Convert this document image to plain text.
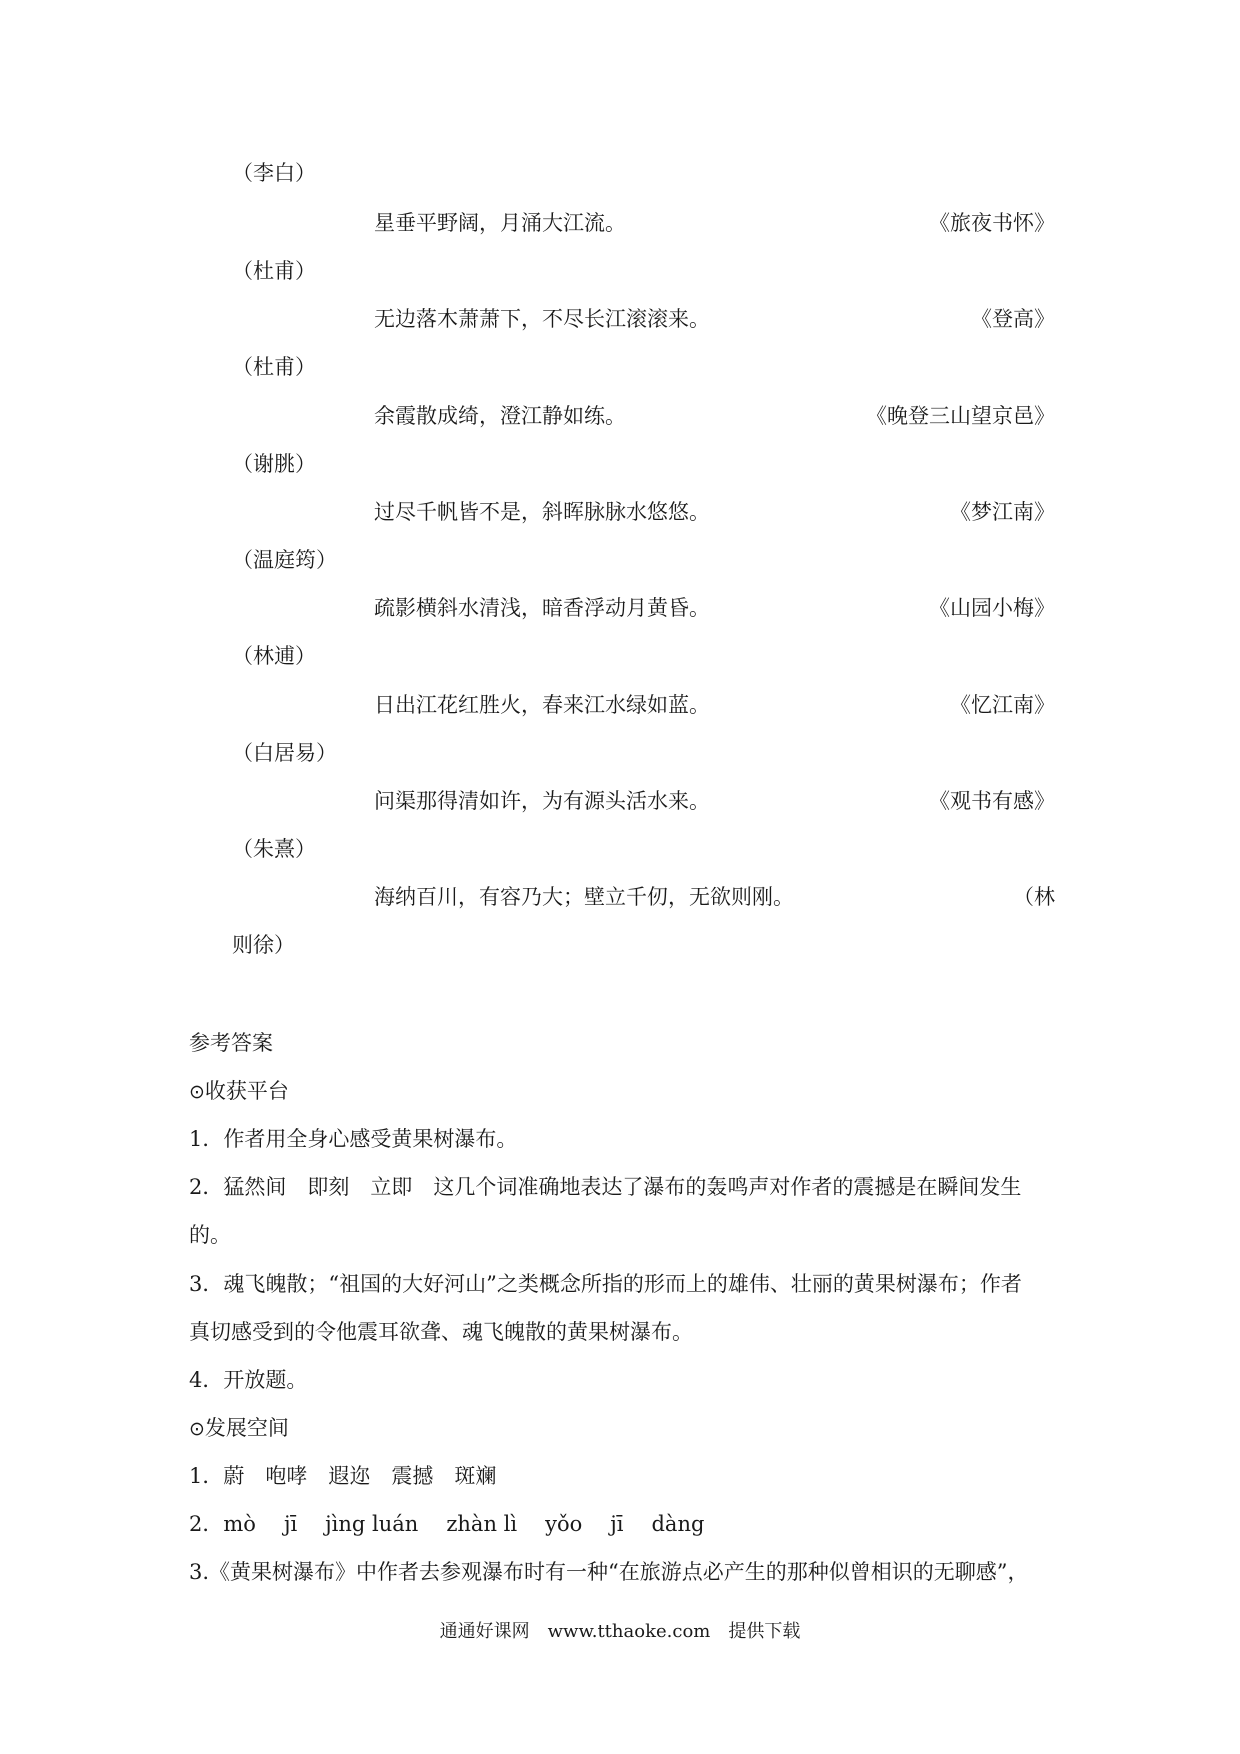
（李白）
星垂平野阔，月涌大江流。	《旅夜书怀》
（杜甫）
无边落木萧萧下，不尽长江滚滚来。	《登高》
（杜甫）
余霞散成绮，澄江静如练。	《晚登三山望京邑》
（谢朓）
过尽千帆皆不是，斜晖脉脉水悠悠。	《梦江南》
（温庭筠）
疏影横斜水清浅，暗香浮动月黄昏。	《山园小梅》
（林逋）
日出江花红胜火，春来江水绿如蓝。	《忆江南》
（白居易）
问渠那得清如许，为有源头活水来。	《观书有感》
（朱熹）
海纳百川，有容乃大；壁立千仞，无欲则刚。	（林
则徐）
参考答案
⊙收获平台
1．作者用全身心感受黄果树瀑布。
2．猛然间　即刻　立即　这几个词准确地表达了瀑布的轰鸣声对作者的震撼是在瞬间发生
的。
3．魂飞魄散；“祖国的大好河山”之类概念所指的形而上的雄伟、壮丽的黄果树瀑布；作者
真切感受到的令他震耳欲聋、魂飞魄散的黄果树瀑布。
4．开放题。
⊙发展空间
1．蔚　咆哮　遐迩　震撼　斑斓
2．mò jī jìng luán zhàn lì yǒo jī dàng
3.《黄果树瀑布》中作者去参观瀑布时有一种“在旅游点必产生的那种似曾相识的无聊感”，
通通好课网　www.tthaoke.com　提供下载
